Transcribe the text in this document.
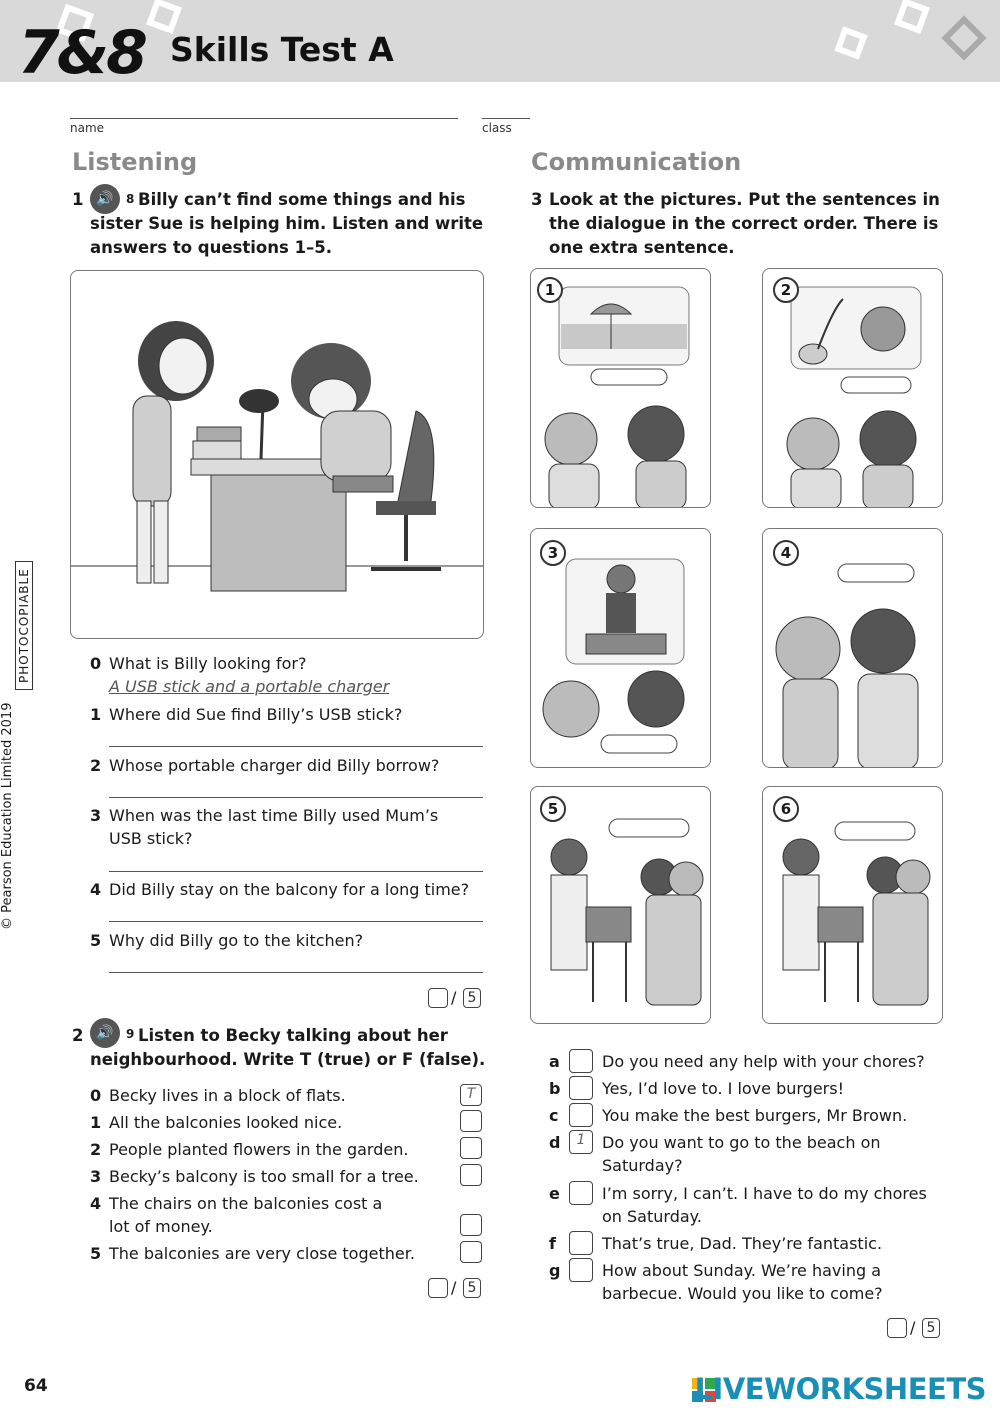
7&8 Skills Test A
name	class
© Pearson Education Limited 2019
PHOTOCOPIABLE
Listening
1 🔊	8 Billy can’t find some things and his sister Sue is helping him. Listen and write answers to questions 1–5.
0 What is Billy looking for?
A USB stick and a portable charger
1 Where did Sue find Billy’s USB stick?
2 Whose portable charger did Billy borrow?
3 When was the last time Billy used Mum’s USB stick?
4 Did Billy stay on the balcony for a long time?
5 Why did Billy go to the kitchen?
/ 5
2 🔊	9 Listen to Becky talking about her neighbourhood. Write T (true) or F (false).
0 Becky lives in a block of flats.	T
1 All the balconies looked nice.
2 People planted flowers in the garden.
3 Becky’s balcony is too small for a tree.
4 The chairs on the balconies cost a lot of money.
5 The balconies are very close together.
/ 5
Communication
3 Look at the pictures. Put the sentences in the dialogue in the correct order. There is one extra sentence.
1	2
3	4
5	6
a	Do you need any help with your chores?
b	Yes, I’d love to. I love burgers!
c	You make the best burgers, Mr Brown.
d	1	Do you want to go to the beach on Saturday?
e	I’m sorry, I can’t. I have to do my chores on Saturday.
f	That’s true, Dad. They’re fantastic.
g	How about Sunday. We’re having a barbecue. Would you like to come?
/ 5
64	LIVEWORKSHEETS
